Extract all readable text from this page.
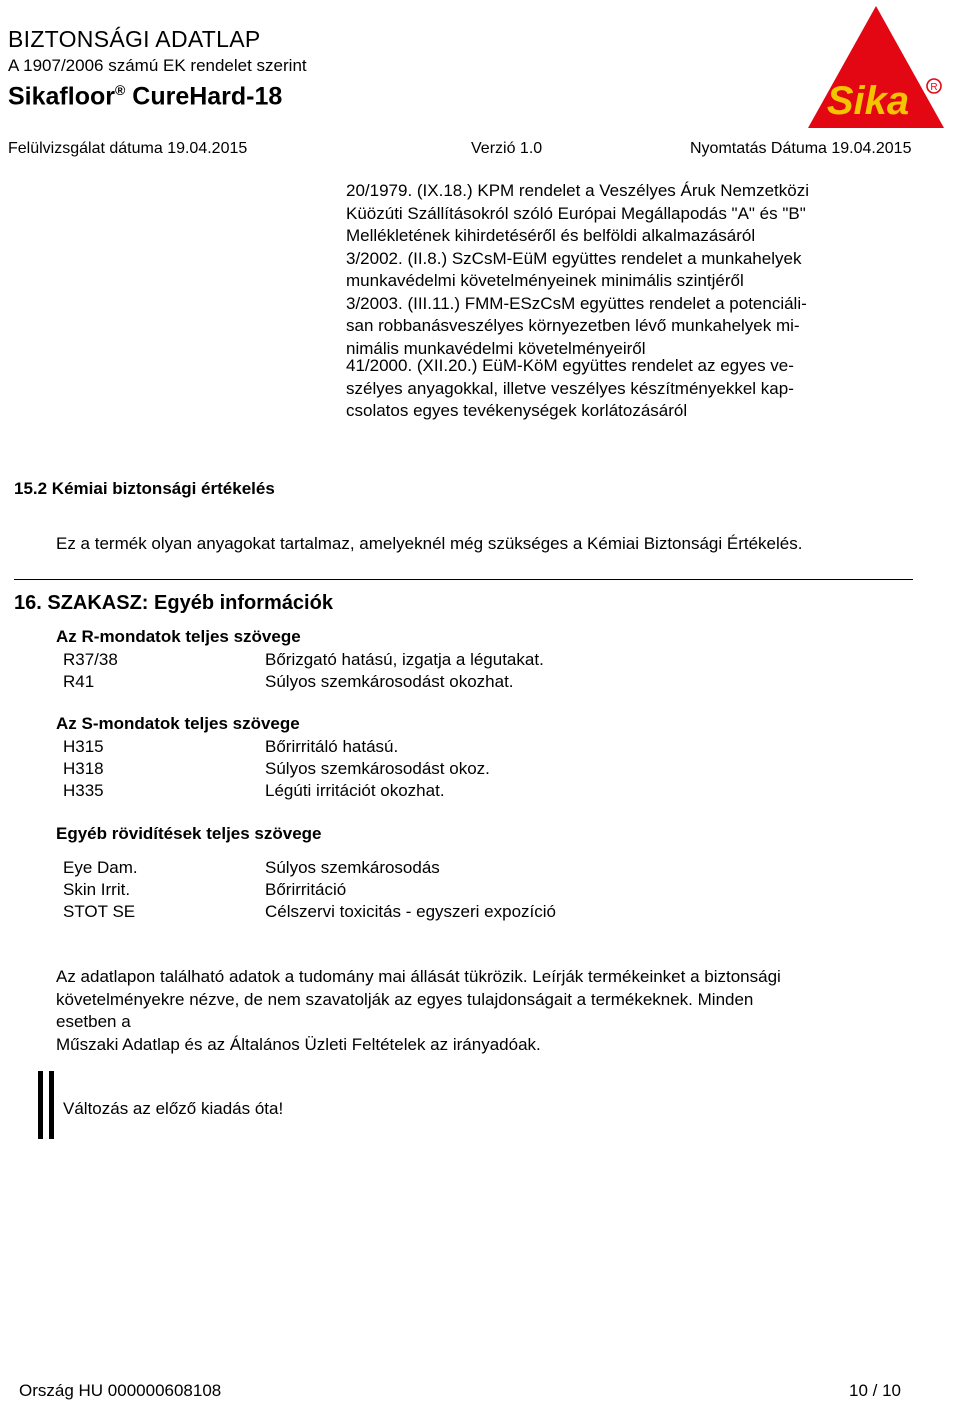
BIZTONSÁGI ADATLAP
A 1907/2006 számú EK rendelet szerint
Sikafloor® CureHard-18	Sika R
Felülvizsgálat dátuma 19.04.2015	Verzió 1.0	Nyomtatás Dátuma 19.04.2015
20/1979. (IX.18.) KPM rendelet a Veszélyes Áruk Nemzetközi
Küözúti Szállításokról szóló Európai Megállapodás "A" és "B"
Mellékletének kihirdetéséről és belföldi alkalmazásáról
3/2002. (II.8.) SzCsM-EüM együttes rendelet a munkahelyek
munkavédelmi követelményeinek minimális szintjéről
3/2003. (III.11.) FMM-ESzCsM együttes rendelet a potenciáli-
san robbanásveszélyes környezetben lévő munkahelyek mi-
nimális munkavédelmi követelményeiről
41/2000. (XII.20.) EüM-KöM együttes rendelet az egyes ve-
szélyes anyagokkal, illetve veszélyes készítményekkel kap-
csolatos egyes tevékenységek korlátozásáról
15.2 Kémiai biztonsági értékelés
Ez a termék olyan anyagokat tartalmaz, amelyeknél még szükséges a Kémiai Biztonsági Értékelés.
16. SZAKASZ: Egyéb információk
Az R-mondatok teljes szövege
R37/38	Bőrizgató hatású, izgatja a légutakat.
R41	Súlyos szemkárosodást okozhat.
Az S-mondatok teljes szövege
H315	Bőrirritáló hatású.
H318	Súlyos szemkárosodást okoz.
H335	Légúti irritációt okozhat.
Egyéb rövidítések teljes szövege
Eye Dam.	Súlyos szemkárosodás
Skin Irrit.	Bőrirritáció
STOT SE	Célszervi toxicitás - egyszeri expozíció
Az adatlapon található adatok a tudomány mai állását tükrözik. Leírják termékeinket a biztonsági
követelményekre nézve, de nem szavatolják az egyes tulajdonságait a termékeknek. Minden
esetben a
Műszaki Adatlap és az Általános Üzleti Feltételek az irányadóak.
Változás az előző kiadás óta!
Ország HU 000000608108	10 / 10
